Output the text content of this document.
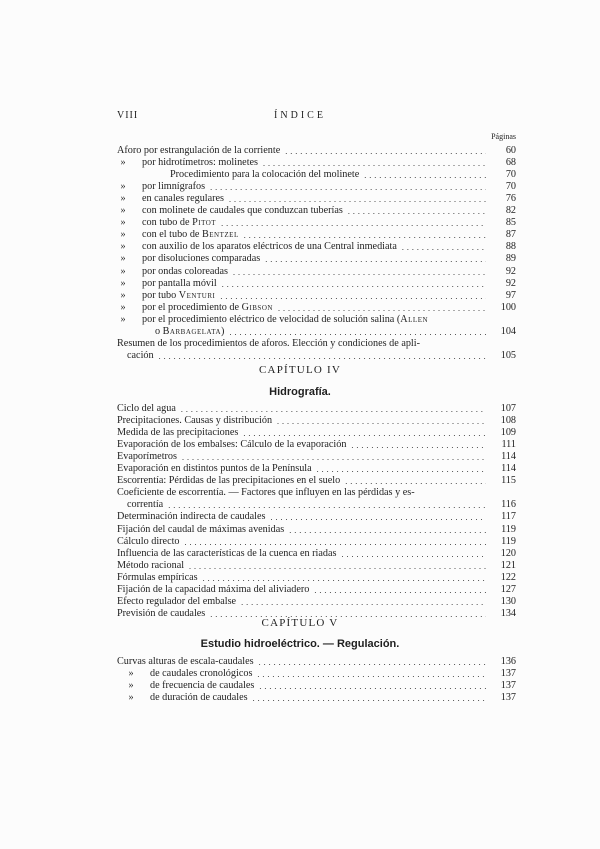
VIII	ÍNDICE
Páginas
Aforo por estrangulación de la corriente	60
. . .
»	por hidrotímetros: molinetes	68
. . .
Procedimiento para la colocación del molinete	70
. . .
»	por limnígrafos	70
. . .
»	en canales regulares	76
. . .
»	con molinete de caudales que conduzcan tuberías	82
. . .
»	con tubo de Pitot	85
. . .
»	con el tubo de Bentzel	87
. . .
»	con auxilio de los aparatos eléctricos de una Central inmediata	88
. . .
»	por disoluciones comparadas	89
. . .
»	por ondas coloreadas	92
. . .
»	por pantalla móvil	92
. . .
»	por tubo Venturi	97
. . .
»	por el procedimiento de Gibson	100
. . .
»	por el procedimiento eléctrico de velocidad de solución salina (Allen
o Barbagelata)	104
. . .
Resumen de los procedimientos de aforos. Elección y condiciones de apli-
cación	105
. . .
CAPÍTULO IV
Hidrografía.
Ciclo del agua	107
. . .
Precipitaciones. Causas y distribución	108
. . .
Medida de las precipitaciones	109
. . .
Evaporación de los embalses: Cálculo de la evaporación	111
. . .
Evaporímetros	114
. . .
Evaporación en distintos puntos de la Península	114
. . .
Escorrentía: Pérdidas de las precipitaciones en el suelo	115
. . .
Coeficiente de escorrentía. — Factores que influyen en las pérdidas y es-
correntía	116
. . .
Determinación indirecta de caudales	117
. . .
Fijación del caudal de máximas avenidas	119
. . .
Cálculo directo	119
. . .
Influencia de las características de la cuenca en riadas	120
. . .
Método racional	121
. . .
Fórmulas empíricas	122
. . .
Fijación de la capacidad máxima del aliviadero	127
. . .
Efecto regulador del embalse	130
. . .
Previsión de caudales	134
. . .
CAPÍTULO V
Estudio hidroeléctrico. — Regulación.
Curvas alturas de escala-caudales	136
. . .
»	de caudales cronológicos	137
. . .
»	de frecuencia de caudales	137
. . .
»	de duración de caudales	137
. . .
